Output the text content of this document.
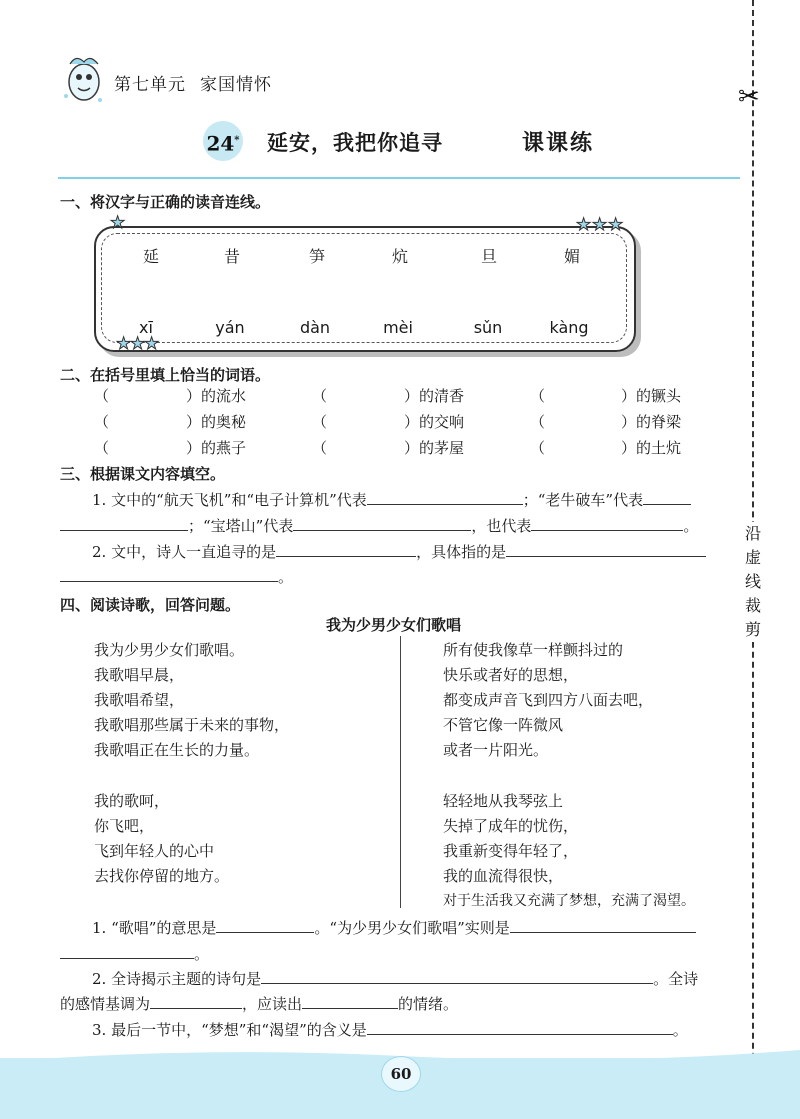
✂
沿虚线裁剪
第七单元 家国情怀
24* 延安，我把你追寻	课课练
一、将汉字与正确的读音连线。
★	★ ★ ★
★
★
★
延	昔	笋	炕	旦	媚
xī	yán	dàn	mèi	sǔn	kàng
二、在括号里填上恰当的词语。
（	）的流水	（	）的清香	（	）的镢头
（	）的奥秘	（	）的交响	（	）的脊梁
（	）的燕子	（	）的茅屋	（	）的土炕
三、根据课文内容填空。
1. 文中的“航天飞机”和“电子计算机”代表	；“老牛破车”代表
；“宝塔山”代表	，也代表	。
2. 文中，诗人一直追寻的是	，具体指的是
。
四、阅读诗歌，回答问题。
我为少男少女们歌唱
我为少男少女们歌唱。
我歌唱早晨，
我歌唱希望，
我歌唱那些属于未来的事物，
我歌唱正在生长的力量。
我的歌呵，
你飞吧，
飞到年轻人的心中
去找你停留的地方。
所有使我像草一样颤抖过的
快乐或者好的思想，
都变成声音飞到四方八面去吧，
不管它像一阵微风
或者一片阳光。
轻轻地从我琴弦上
失掉了成年的忧伤，
我重新变得年轻了，
我的血流得很快，
对于生活我又充满了梦想，充满了渴望。
1. “歌唱”的意思是	。“为少男少女们歌唱”实则是
。
2. 全诗揭示主题的诗句是	。全诗
的感情基调为	，应读出	的情绪。
3. 最后一节中，“梦想”和“渴望”的含义是	。
60
